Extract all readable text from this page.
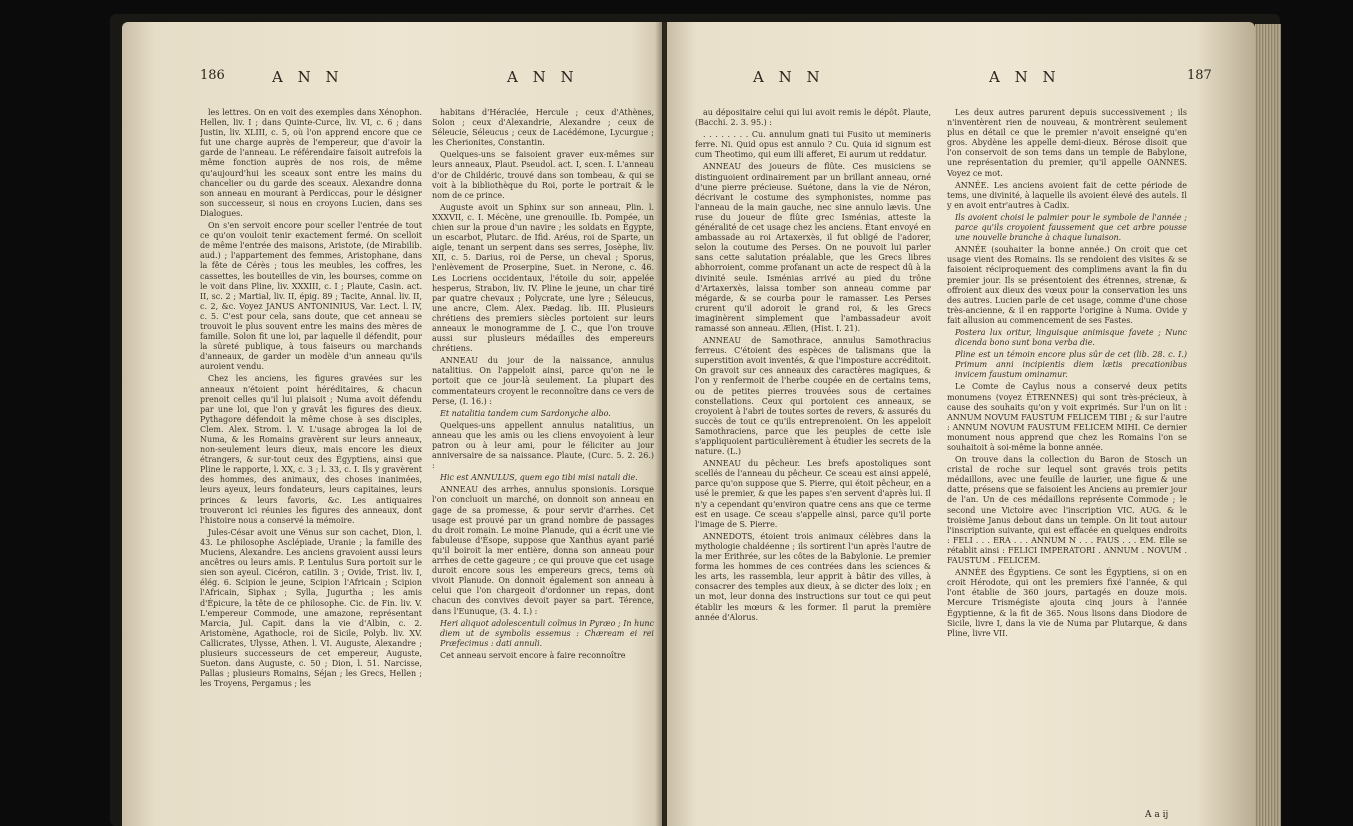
186	A N N	A N N

les lettres. On en voit des exemples dans Xénophon. Hellen, liv. I ; dans Quinte-Curce, liv. VI, c. 6 ; dans Justin, liv. XLIII, c. 5, où l'on apprend encore que ce fut une charge auprès de l'empereur, que d'avoir la garde de l'anneau. Le référendaire faisoit autrefois la même fonction auprès de nos rois, de même qu'aujourd'hui les sceaux sont entre les mains du chancelier ou du garde des sceaux. Alexandre donna son anneau en mourant à Perdiccas, pour le désigner son successeur, si nous en croyons Lucien, dans ses Dialogues.

On s'en servoit encore pour sceller l'entrée de tout ce qu'on vouloit tenir exactement fermé. On scelloit de même l'entrée des maisons, Aristote, (de Mirabilib. aud.) ; l'appartement des femmes, Aristophane, dans la fête de Cérès ; tous les meubles, les coffres, les cassettes, les bouteilles de vin, les bourses, comme on le voit dans Pline, liv. XXXIII, c. I ; Plaute, Casin. act. II, sc. 2 ; Martial, liv. II, épig. 89 ; Tacite, Annal. liv. II, c. 2, &c. Voyez JANUS ANTONINIUS, Var. Lect. l. IV, c. 5. C'est pour cela, sans doute, que cet anneau se trouvoit le plus souvent entre les mains des mères de famille. Solon fit une loi, par laquelle il défendit, pour la sûreté publique, à tous faiseurs ou marchands d'anneaux, de garder un modèle d'un anneau qu'ils auroient vendu.

Chez les anciens, les figures gravées sur les anneaux n'étoient point héréditaires, & chacun prenoit celles qu'il lui plaisoit ; Numa avoit défendu par une loi, que l'on y gravât les figures des dieux. Pythagore défendoit la même chose à ses disciples, Clem. Alex. Strom. l. V. L'usage abrogea la loi de Numa, & les Romains gravèrent sur leurs anneaux, non-seulement leurs dieux, mais encore les dieux étrangers, & sur-tout ceux des Égyptiens, ainsi que Pline le rapporte, l. XX, c. 3 ; l. 33, c. I. Ils y gravèrent des hommes, des animaux, des choses inanimées, leurs ayeux, leurs fondateurs, leurs capitaines, leurs princes & leurs favoris, &c. Les antiquaires trouveront ici réunies les figures des anneaux, dont l'histoire nous a conservé la mémoire.

Jules-César avoit une Vénus sur son cachet, Dion, l. 43. Le philosophe Asclépiade, Uranie ; la famille des Muciens, Alexandre. Les anciens gravoient aussi leurs ancêtres ou leurs amis. P. Lentulus Sura portoit sur le sien son ayeul. Cicéron, catilin. 3 ; Ovide, Trist. liv. I, élég. 6. Scipion le jeune, Scipion l'Africain ; Scipion l'Africain, Siphax ; Sylla, Jugurtha ; les amis d'Épicure, la tête de ce philosophe. Cic. de Fin. liv. V. L'empereur Commode, une amazone, représentant Marcia, Jul. Capit. dans la vie d'Albin, c. 2. Aristomène, Agathocle, roi de Sicile, Polyb. liv. XV. Callicrates, Ulysse, Athen. l. VI. Auguste, Alexandre ; plusieurs successeurs de cet empereur, Auguste, Sueton. dans Auguste, c. 50 ; Dion, l. 51. Narcisse, Pallas ; plusieurs Romains, Séjan ; les Grecs, Hellen ; les Troyens, Pergamus ; les

habitans d'Héraclée, Hercule ; ceux d'Athènes, Solon ; ceux d'Alexandrie, Alexandre ; ceux de Séleucie, Séleucus ; ceux de Lacédémone, Lycurgue ; les Cherionites, Constantin.

Quelques-uns se faisoient graver eux-mêmes sur leurs anneaux, Plaut. Pseudol. act. I, scen. I. L'anneau d'or de Childéric, trouvé dans son tombeau, & qui se voit à la bibliothèque du Roi, porte le portrait & le nom de ce prince.

Auguste avoit un Sphinx sur son anneau, Plin. l. XXXVII, c. I. Mécène, une grenouille. Ib. Pompée, un chien sur la proue d'un navire ; les soldats en Égypte, un escarbot, Plutarc. de Ifid. Aréus, roi de Sparte, un aigle, tenant un serpent dans ses serres, Josèphe, liv. XII, c. 5. Darius, roi de Perse, un cheval ; Sporus, l'enlèvement de Proserpine, Suet. in Nerone, c. 46. Les Locriens occidentaux, l'étoile du soir, appelée hesperus, Strabon, liv. IV. Pline le jeune, un char tiré par quatre chevaux ; Polycrate, une lyre ; Séleucus, une ancre, Clem. Alex. Pædag. lib. III. Plusieurs chrétiens des premiers siècles portoient sur leurs anneaux le monogramme de J. C., que l'on trouve aussi sur plusieurs médailles des empereurs chrétiens.

ANNEAU du jour de la naissance, annulus natalitius. On l'appeloit ainsi, parce qu'on ne le portoit que ce jour-là seulement. La plupart des commentateurs croyent le reconnoître dans ce vers de Perse, (I. 16.) :

Et natalitia tandem cum Sardonyche albo.

Quelques-uns appellent annulus natalitius, un anneau que les amis ou les cliens envoyoient à leur patron ou à leur ami, pour le féliciter au jour anniversaire de sa naissance. Plaute, (Curc. 5. 2. 26.) :

Hic est ANNULUS, quem ego tibi misi natali die.

ANNEAU des arrhes, annulus sponsionis. Lorsque l'on concluoit un marché, on donnoit son anneau en gage de sa promesse, & pour servir d'arrhes. Cet usage est prouvé par un grand nombre de passages du droit romain. Le moine Planude, qui a écrit une vie fabuleuse d'Ésope, suppose que Xanthus ayant parié qu'il boiroit la mer entière, donna son anneau pour arrhes de cette gageure ; ce qui prouve que cet usage duroit encore sous les empereurs grecs, tems où vivoit Planude. On donnoit également son anneau à celui que l'on chargeoit d'ordonner un repas, dont chacun des convives devoit payer sa part. Térence, dans l'Eunuque, (3. 4. I.) :

Heri aliquot adolescentuli coïmus in Pyræo ; In hunc diem ut de symbolis essemus : Chæream ei rei Præfecimus : dati annuli.

Cet anneau servoit encore à faire reconnoître

A N N	A N N	187

au dépositaire celui qui lui avoit remis le dépôt. Plaute, (Bacchi. 2. 3. 95.) :

. . . . . . . . Cu. annulum gnati tui Fusito ut memineris ferre. Ni. Quid opus est annulo ? Cu. Quia id signum est cum Theotimo, qui eum illi afferet, Ei aurum ut reddatur.

ANNEAU des joueurs de flûte. Ces musiciens se distinguoient ordinairement par un brillant anneau, orné d'une pierre précieuse. Suétone, dans la vie de Néron, décrivant le costume des symphonistes, nomme pas l'anneau de la main gauche, nec sine annulo lævis. Une ruse du joueur de flûte grec Isménias, atteste la généralité de cet usage chez les anciens. Étant envoyé en ambassade au roi Artaxerxès, il fut obligé de l'adorer, selon la coutume des Perses. On ne pouvoit lui parler sans cette salutation préalable, que les Grecs libres abhorroient, comme profanant un acte de respect dû à la divinité seule. Isménias arrivé au pied du trône d'Artaxerxès, laissa tomber son anneau comme par mégarde, & se courba pour le ramasser. Les Perses crurent qu'il adoroit le grand roi, & les Grecs imaginèrent simplement que l'ambassadeur avoit ramassé son anneau. Ælien, (Hist. I. 21).

ANNEAU de Samothrace, annulus Samothracius ferreus. C'étoient des espèces de talismans que la superstition avoit inventés, & que l'imposture accréditoit. On gravoit sur ces anneaux des caractères magiques, & l'on y renfermoit de l'herbe coupée en de certains tems, ou de petites pierres trouvées sous de certaines constellations. Ceux qui portoient ces anneaux, se croyoient à l'abri de toutes sortes de revers, & assurés du succès de tout ce qu'ils entreprenoient. On les appeloit Samothraciens, parce que les peuples de cette isle s'appliquoient particulièrement à étudier les secrets de la nature. (L.)

ANNEAU du pêcheur. Les brefs apostoliques sont scellés de l'anneau du pêcheur. Ce sceau est ainsi appelé, parce qu'on suppose que S. Pierre, qui étoit pêcheur, en a usé le premier, & que les papes s'en servent d'après lui. Il n'y a cependant qu'environ quatre cens ans que ce terme est en usage. Ce sceau s'appelle ainsi, parce qu'il porte l'image de S. Pierre.

ANNEDOTS, étoient trois animaux célèbres dans la mythologie chaldéenne ; ils sortirent l'un après l'autre de la mer Érithrée, sur les côtes de la Babylonie. Le premier forma les hommes de ces contrées dans les sciences & les arts, les rassembla, leur apprit à bâtir des villes, à consacrer des temples aux dieux, à se dicter des loix ; en un mot, leur donna des instructions sur tout ce qui peut établir les mœurs & les former. Il parut la première année d'Alorus.

Les deux autres parurent depuis successivement ; ils n'inventèrent rien de nouveau, & montrèrent seulement plus en détail ce que le premier n'avoit enseigné qu'en gros. Abydène les appelle demi-dieux. Bérose disoit que l'on conservoit de son tems dans un temple de Babylone, une représentation du premier, qu'il appelle OANNES. Voyez ce mot.

ANNÉE. Les anciens avoient fait de cette période de tems, une divinité, à laquelle ils avoient élevé des autels. Il y en avoit entr'autres à Cadix.

Ils avoient choisi le palmier pour le symbole de l'année ; parce qu'ils croyoient faussement que cet arbre pousse une nouvelle branche à chaque lunaison.

ANNÉE (souhaiter la bonne année.) On croit que cet usage vient des Romains. Ils se rendoient des visites & se faisoient réciproquement des complimens avant la fin du premier jour. Ils se présentoient des étrennes, strenæ, & offroient aux dieux des vœux pour la conservation les uns des autres. Lucien parle de cet usage, comme d'une chose très-ancienne, & il en rapporte l'origine à Numa. Ovide y fait allusion au commencement de ses Fastes.

Postera lux oritur, linguisque animisque favete ; Nunc dicenda bono sunt bona verba die.

Pline est un témoin encore plus sûr de cet (lib. 28. c. I.) Primum anni incipientis diem lætis precationibus invicem faustum ominamur.

Le Comte de Caylus nous a conservé deux petits monumens (voyez ÉTRENNES) qui sont très-précieux, à cause des souhaits qu'on y voit exprimés. Sur l'un on lit : ANNUM NOVUM FAUSTUM FELICEM TIBI ; & sur l'autre : ANNUM NOVUM FAUSTUM FELICEM MIHI. Ce dernier monument nous apprend que chez les Romains l'on se souhaitoit à soi-même la bonne année.

On trouve dans la collection du Baron de Stosch un cristal de roche sur lequel sont gravés trois petits médaillons, avec une feuille de laurier, une figue & une datte, présens que se faisoient les Anciens au premier jour de l'an. Un de ces médaillons représente Commode ; le second une Victoire avec l'inscription VIC. AUG. & le troisième Janus debout dans un temple. On lit tout autour l'inscription suivante, qui est effacée en quelques endroits : FELI . . . ERA . . . ANNUM N . . . FAUS . . . EM. Elle se rétablit ainsi : FELICI IMPERATORI . ANNUM . NOVUM . FAUSTUM . FELICEM.

ANNÉE des Égyptiens. Ce sont les Égyptiens, si on en croit Hérodote, qui ont les premiers fixé l'année, & qui l'ont établie de 360 jours, partagés en douze mois. Mercure Trismégiste ajouta cinq jours à l'année Égyptienne, & la fit de 365. Nous lisons dans Diodore de Sicile, livre I, dans la vie de Numa par Plutarque, & dans Pline, livre VII.

A a ij
